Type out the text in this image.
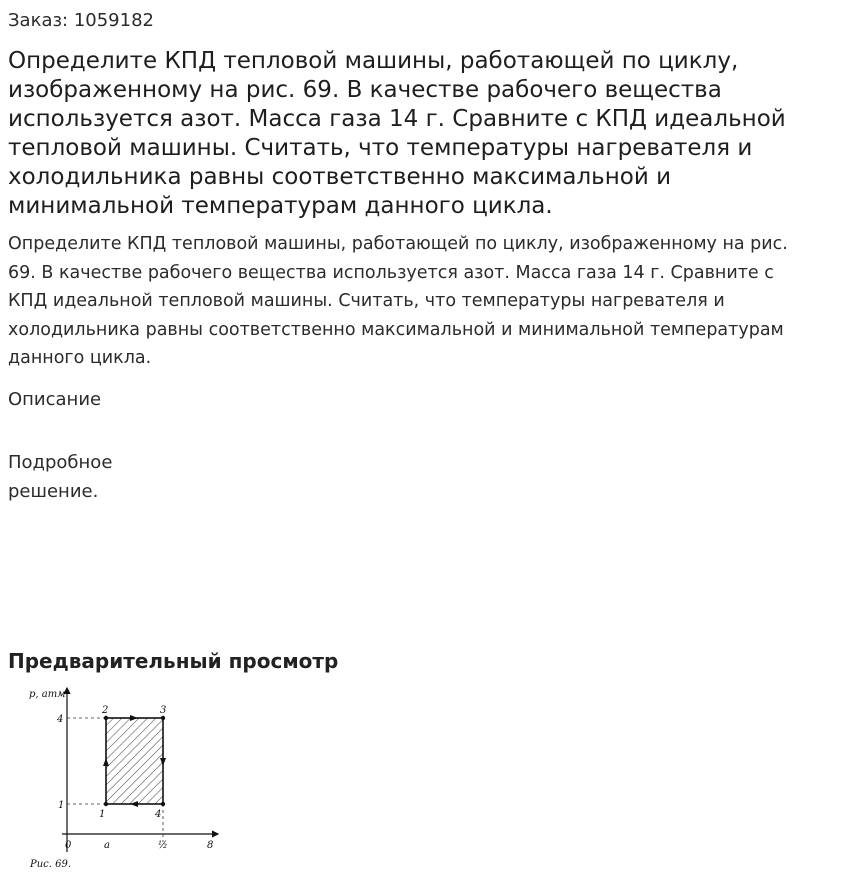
Заказ: 1059182
Определите КПД тепловой машины, работающей по циклу, изображенному на рис. 69. В качестве рабочего вещества используется азот. Масса газа 14 г. Сравните с КПД идеальной тепловой машины. Считать, что температуры нагревателя и холодильника равны соответственно максимальной и минимальной температурам данного цикла.

Определите КПД тепловой машины, работающей по циклу, изображенному на рис. 69. В качестве рабочего вещества используется азот. Масса газа 14 г. Сравните с КПД идеальной тепловой машины. Считать, что температуры нагревателя и холодильника равны соответственно максимальной и минимальной температурам данного цикла.

Описание

Подробное решение.

Предварительный просмотр
p, атм
4
1
2	3
1	4
0	a	½	8
Рис. 69.
